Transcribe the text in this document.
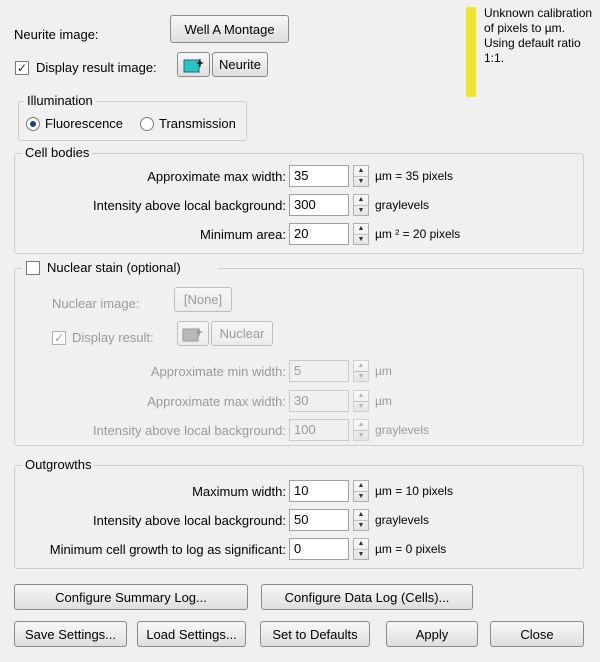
Neurite image:	Well A Montage
✓ Display result image:	Neurite
Unknown calibration of pixels to µm. Using default ratio 1:1.
Illumination
Fluorescence	Transmission
Cell bodies
Approximate max width: 35	▲
▼ µm = 35 pixels
Intensity above local background: 300	▲
▼ graylevels
Minimum area: 20	▲
▼ µm ² = 20 pixels
Nuclear stain (optional)
Nuclear image:	[None]
✓ Display result:	Nuclear
Approximate min width: 5	▲
▼ µm
Approximate max width: 30	▲
▼ µm
Intensity above local background: 100	▲
▼ graylevels
Outgrowths
Maximum width: 10	▲
▼ µm = 10 pixels
Intensity above local background: 50	▲
▼ graylevels
Minimum cell growth to log as significant: 0	▲
▼ µm = 0 pixels
Configure Summary Log...	Configure Data Log (Cells)...
Save Settings...	Load Settings...	Set to Defaults	Apply	Close
